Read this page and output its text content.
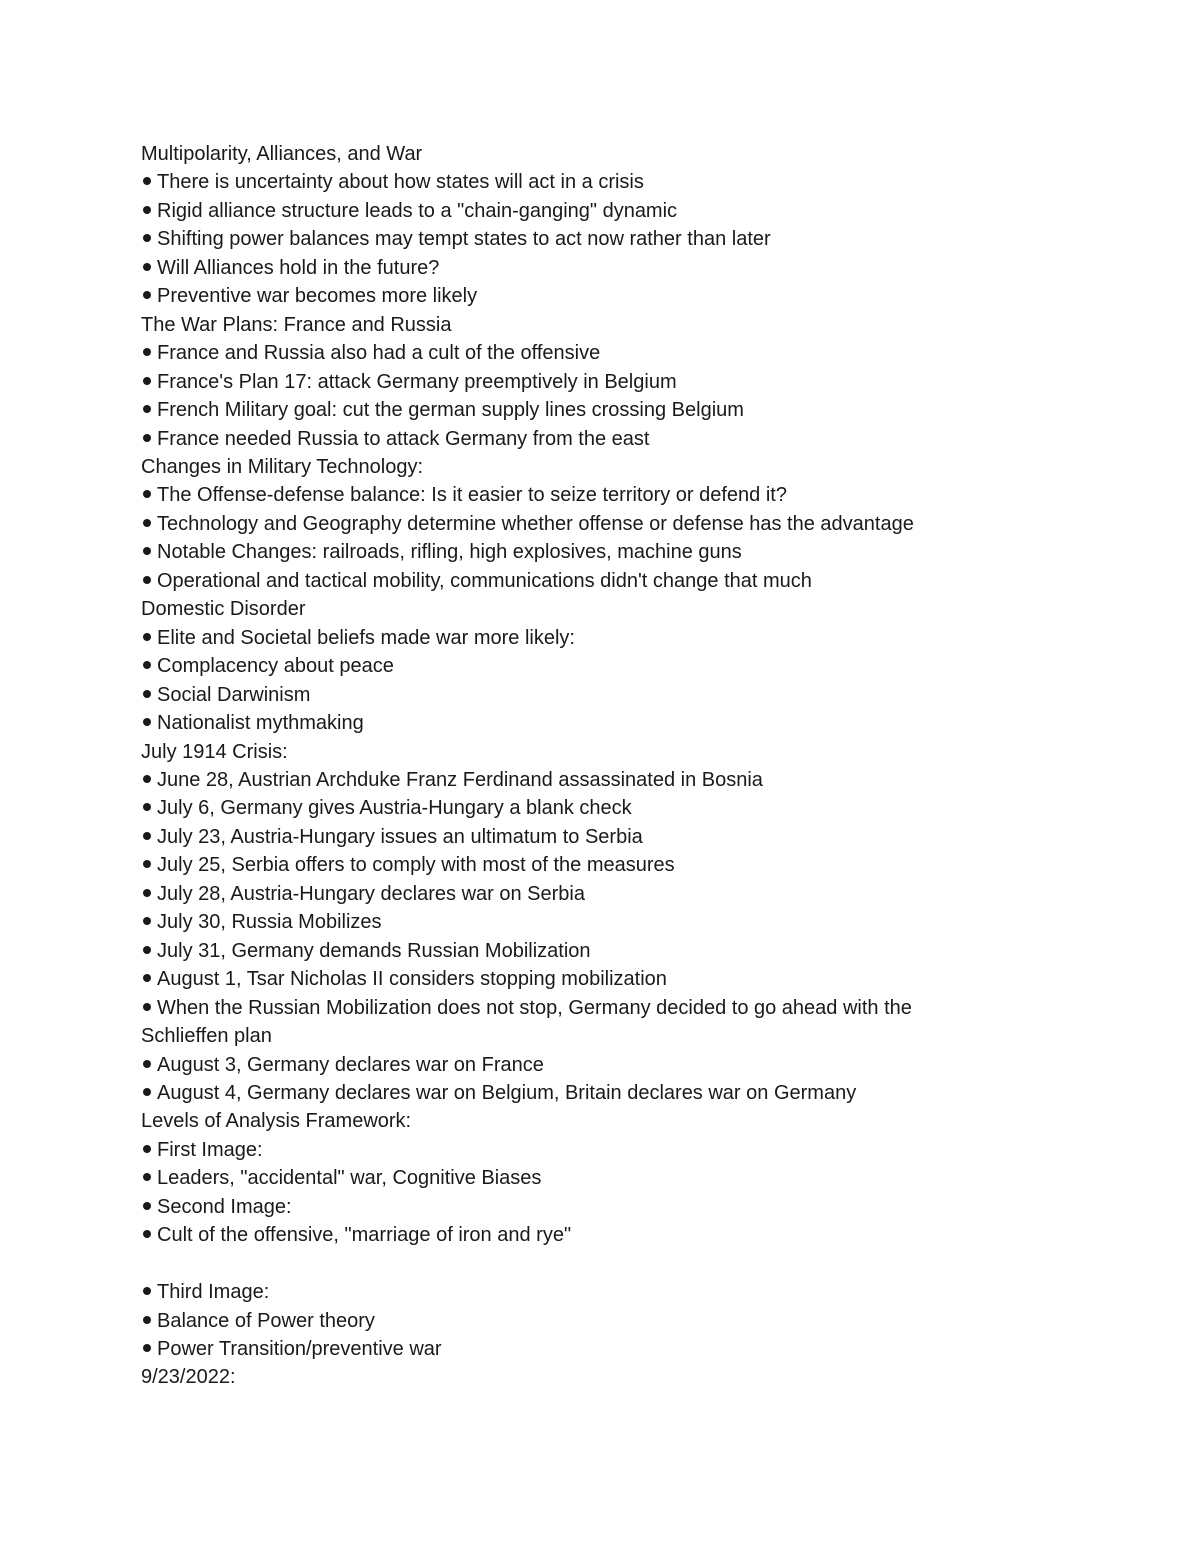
Multipolarity, Alliances, and War
There is uncertainty about how states will act in a crisis
Rigid alliance structure leads to a "chain-ganging" dynamic
Shifting power balances may tempt states to act now rather than later
Will Alliances hold in the future?
Preventive war becomes more likely
The War Plans: France and Russia
France and Russia also had a cult of the offensive
France's Plan 17: attack Germany preemptively in Belgium
French Military goal: cut the german supply lines crossing Belgium
France needed Russia to attack Germany from the east
Changes in Military Technology:
The Offense-defense balance: Is it easier to seize territory or defend it?
Technology and Geography determine whether offense or defense has the advantage
Notable Changes: railroads, rifling, high explosives, machine guns
Operational and tactical mobility, communications didn't change that much
Domestic Disorder
Elite and Societal beliefs made war more likely:
Complacency about peace
Social Darwinism
Nationalist mythmaking
July 1914 Crisis:
June 28, Austrian Archduke Franz Ferdinand assassinated in Bosnia
July 6, Germany gives Austria-Hungary a blank check
July 23, Austria-Hungary issues an ultimatum to Serbia
July 25, Serbia offers to comply with most of the measures
July 28, Austria-Hungary declares war on Serbia
July 30, Russia Mobilizes
July 31, Germany demands Russian Mobilization
August 1, Tsar Nicholas II considers stopping mobilization
When the Russian Mobilization does not stop, Germany decided to go ahead with the
Schlieffen plan
August 3, Germany declares war on France
August 4, Germany declares war on Belgium, Britain declares war on Germany
Levels of Analysis Framework:
First Image:
Leaders, "accidental" war, Cognitive Biases
Second Image:
Cult of the offensive, "marriage of iron and rye"
Third Image:
Balance of Power theory
Power Transition/preventive war
9/23/2022:
